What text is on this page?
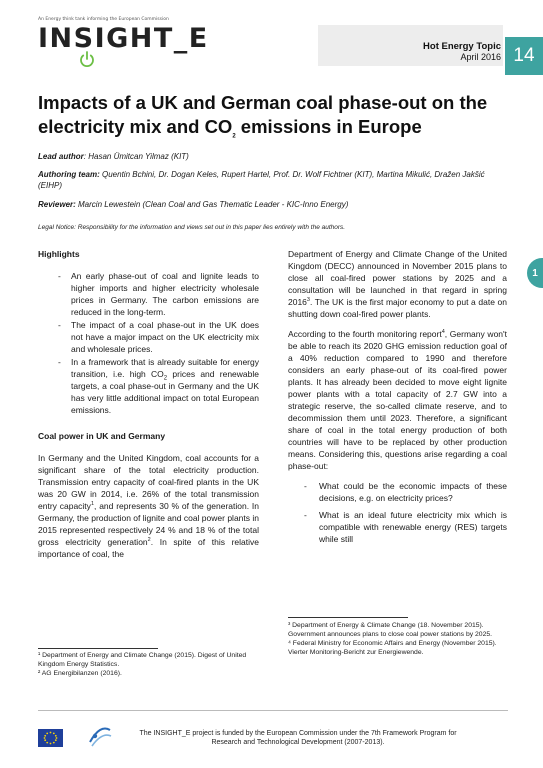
An Energy think tank informing the European Commission
INSIGHT_E	Hot Energy Topic
April 2016 14
Impacts of a UK and German coal phase-out on the electricity mix and $CO_2$ emissions in Europe

Lead author: Hasan Ümitcan Yilmaz (KIT)

Authoring team: Quentin Bchini, Dr. Dogan Keles, Rupert Hartel, Prof. Dr. Wolf Fichtner (KIT), Martina Mikulić, Dražen Jakšić (EIHP)

Reviewer: Marcin Lewestein (Clean Coal and Gas Thematic Leader - KIC-Inno Energy)

Legal Notice: Responsibility for the information and views set out in this paper lies entirely with the authors.

Highlights
- An early phase-out of coal and lignite leads to higher imports and higher electricity wholesale prices in Germany. The carbon emissions are reduced in the long-term.
- The impact of a coal phase-out in the UK does not have a major impact on the UK electricity mix and wholesale prices.
- In a framework that is already suitable for energy transition, i.e. high $CO_2$ prices and renewable targets, a coal phase-out in Germany and the UK has very little additional impact on total European emissions.
Coal power in UK and Germany

In Germany and the United Kingdom, coal accounts for a significant share of the total electricity production. Transmission entry capacity of coal-fired plants in the UK was 20 GW in 2014, i.e. 26% of the total transmission entry capacity$^1$, and represents 30 % of the generation. In Germany, the production of lignite and coal power plants in 2015 represented respectively 24 % and 18 % of the total gross electricity generation$^2$. In spite of this relative importance of coal, the

¹ Department of Energy and Climate Change (2015). Digest of United Kingdom Energy Statistics.
² AG Energibilanzen (2016).

Department of Energy and Climate Change of the United Kingdom (DECC) announced in November 2015 plans to close all coal-fired power stations by 2025 and a consultation will be launched in that regard in spring 2016$^3$. The UK is the first major economy to put a date on shutting down coal-fired power plants.

According to the fourth monitoring report$^4$, Germany won't be able to reach its 2020 GHG emission reduction goal of a 40% reduction compared to 1990 and therefore considers an early phase-out of its coal-fired power plants. It has already been decided to move eight lignite power plants with a total capacity of 2.7 GW into a strategic reserve, the so-called climate reserve, and to decommission them until 2023. Therefore, a significant share of coal in the total energy production of both countries will have to be replaced by other production means. Considering this, questions arise regarding a coal phase-out:

- What could be the economic impacts of these decisions, e.g. on electricity prices?
- What is an ideal future electricity mix which is compatible with renewable energy (RES) targets while still
³ Department of Energy & Climate Change (18. November 2015). Government announces plans to close coal power stations by 2025.
⁴ Federal Ministry for Economic Affairs and Energy (November 2015). Vierter Monitoring-Bericht zur Energiewende.
1
The INSIGHT_E project is funded by the European Commission under the 7th Framework Program for Research and Technological Development (2007-2013).
